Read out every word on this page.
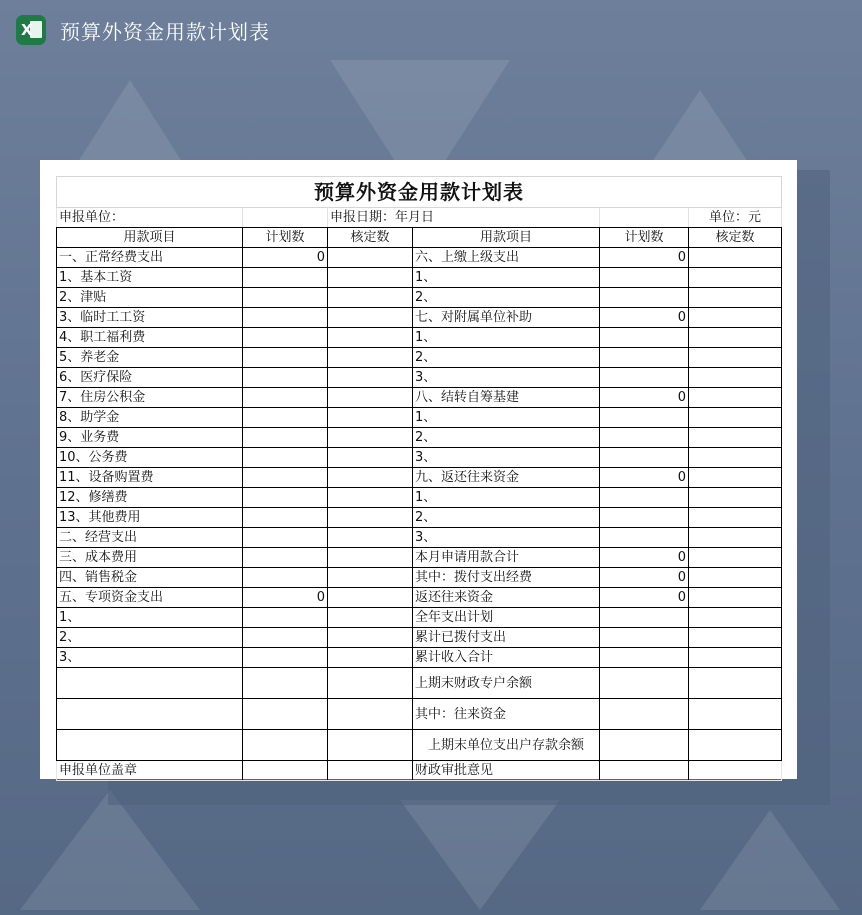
X 预算外资金用款计划表
预算外资金用款计划表					
申报单位：		申报日期：年月日			单位：元
用款项目	计划数	核定数	用款项目	计划数	核定数
一、正常经费支出	0		六、上缴上级支出	0	
1、基本工资			1、		
2、津贴			2、		
3、临时工工资			七、对附属单位补助	0	
4、职工福利费			1、		
5、养老金			2、		
6、医疗保险			3、		
7、住房公积金			八、结转自筹基建	0	
8、助学金			1、		
9、业务费			2、		
10、公务费			3、		
11、设备购置费			九、返还往来资金	0	
12、修缮费			1、		
13、其他费用			2、		
二、经营支出			3、		
三、成本费用			本月申请用款合计	0	
四、销售税金			其中：拨付支出经费	0	
五、专项资金支出	0		返还往来资金	0	
1、			全年支出计划		
2、			累计已拨付支出		
3、			累计收入合计		
			上期末财政专户余额		
			其中：往来资金		
			上期末单位支出户存款余额		
申报单位盖章			财政审批意见		
